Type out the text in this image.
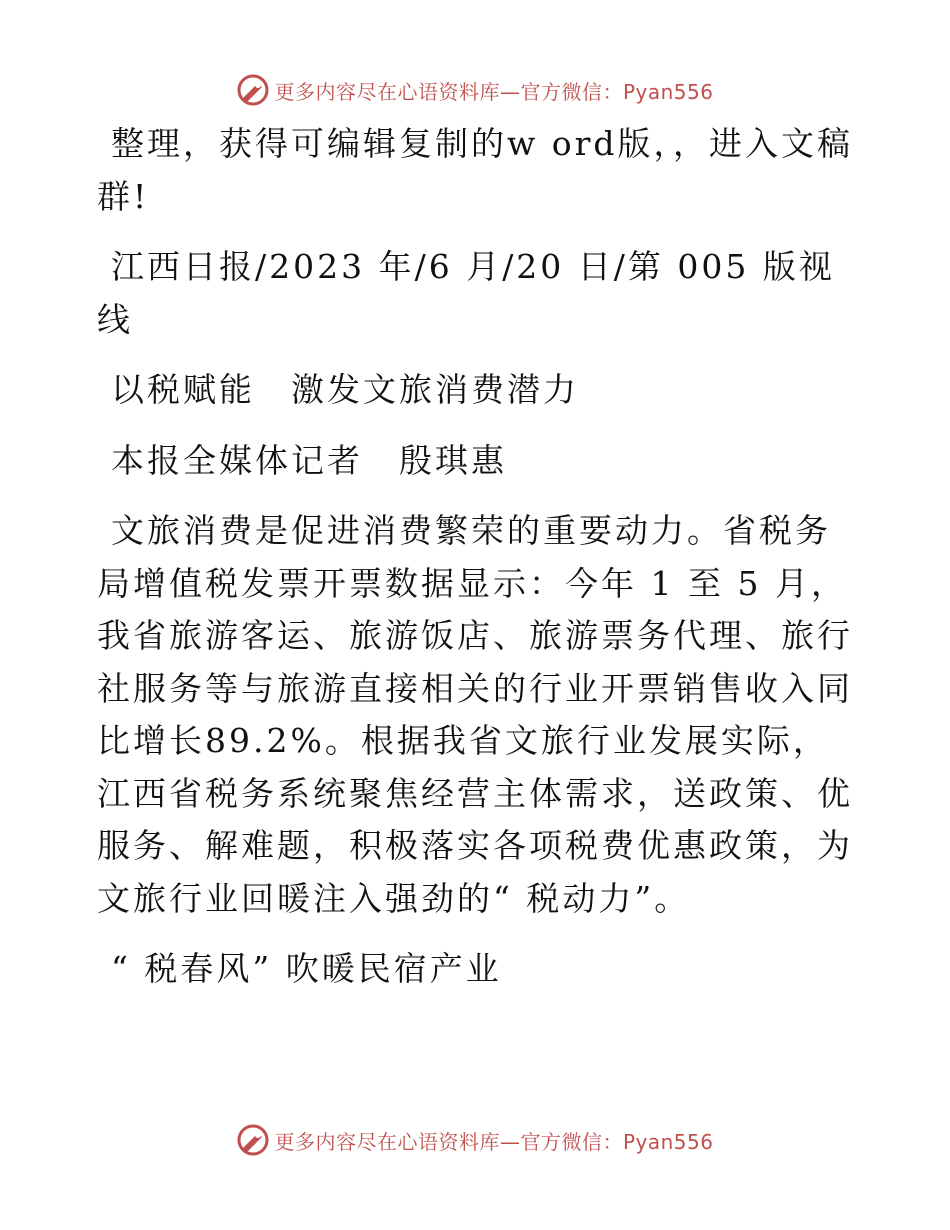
更多内容尽在心语资料库—官方微信：Pyan556

整理，获得可编辑复制的w ord版，，进入文稿群!

江西日报/2023 年/6 月/20 日/第 005 版视线

以税赋能　激发文旅消费潜力

本报全媒体记者　殷琪惠

文旅消费是促进消费繁荣的重要动力。省税务局增值税发票开票数据显示：今年 1 至 5 月，我省旅游客运、旅游饭店、旅游票务代理、旅行社服务等与旅游直接相关的行业开票销售收入同比增长89.2%。根据我省文旅行业发展实际，江西省税务系统聚焦经营主体需求，送政策、优服务、解难题，积极落实各项税费优惠政策，为文旅行业回暖注入强劲的“ 税动力”。

“ 税春风” 吹暖民宿产业

更多内容尽在心语资料库—官方微信：Pyan556
